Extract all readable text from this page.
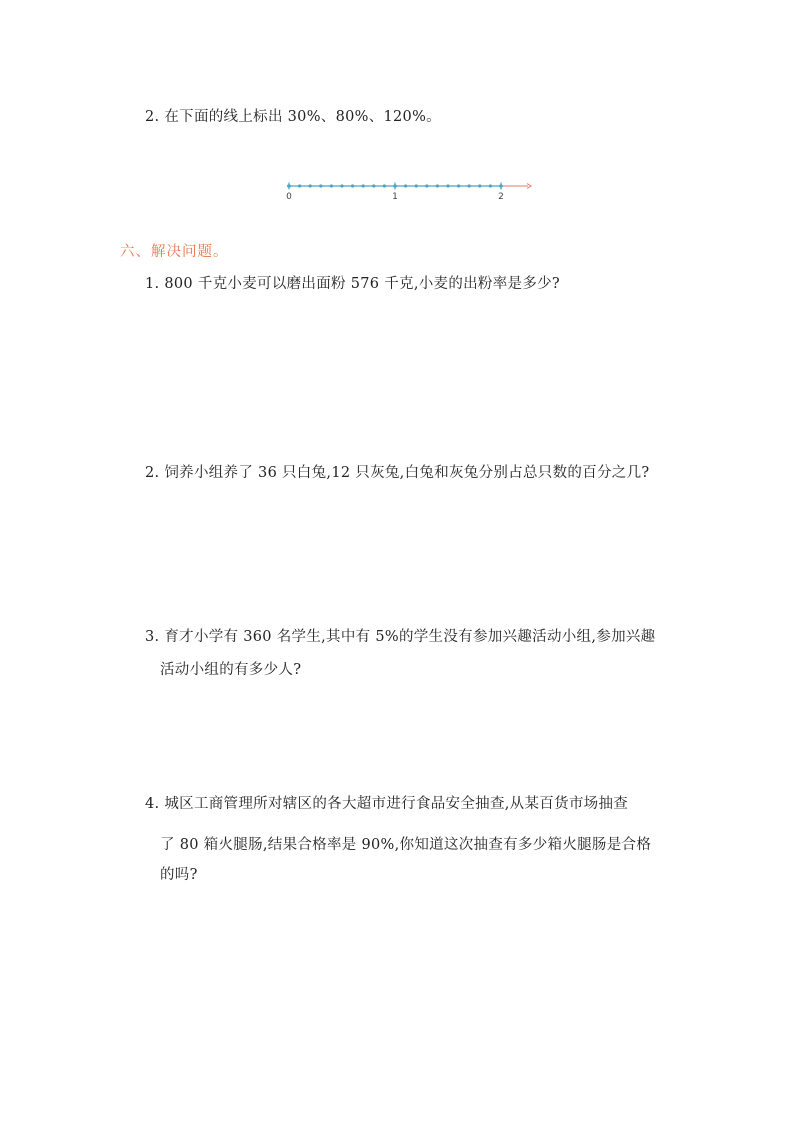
2. 在下面的线上标出 30%、80%、120%。

0	1	2

六、解决问题。

1. 800 千克小麦可以磨出面粉 576 千克,小麦的出粉率是多少?

2. 饲养小组养了 36 只白兔,12 只灰兔,白兔和灰兔分别占总只数的百分之几?

3. 育才小学有 360 名学生,其中有 5%的学生没有参加兴趣活动小组,参加兴趣

活动小组的有多少人?

4. 城区工商管理所对辖区的各大超市进行食品安全抽查,从某百货市场抽查

了 80 箱火腿肠,结果合格率是 90%,你知道这次抽查有多少箱火腿肠是合格

的吗?
